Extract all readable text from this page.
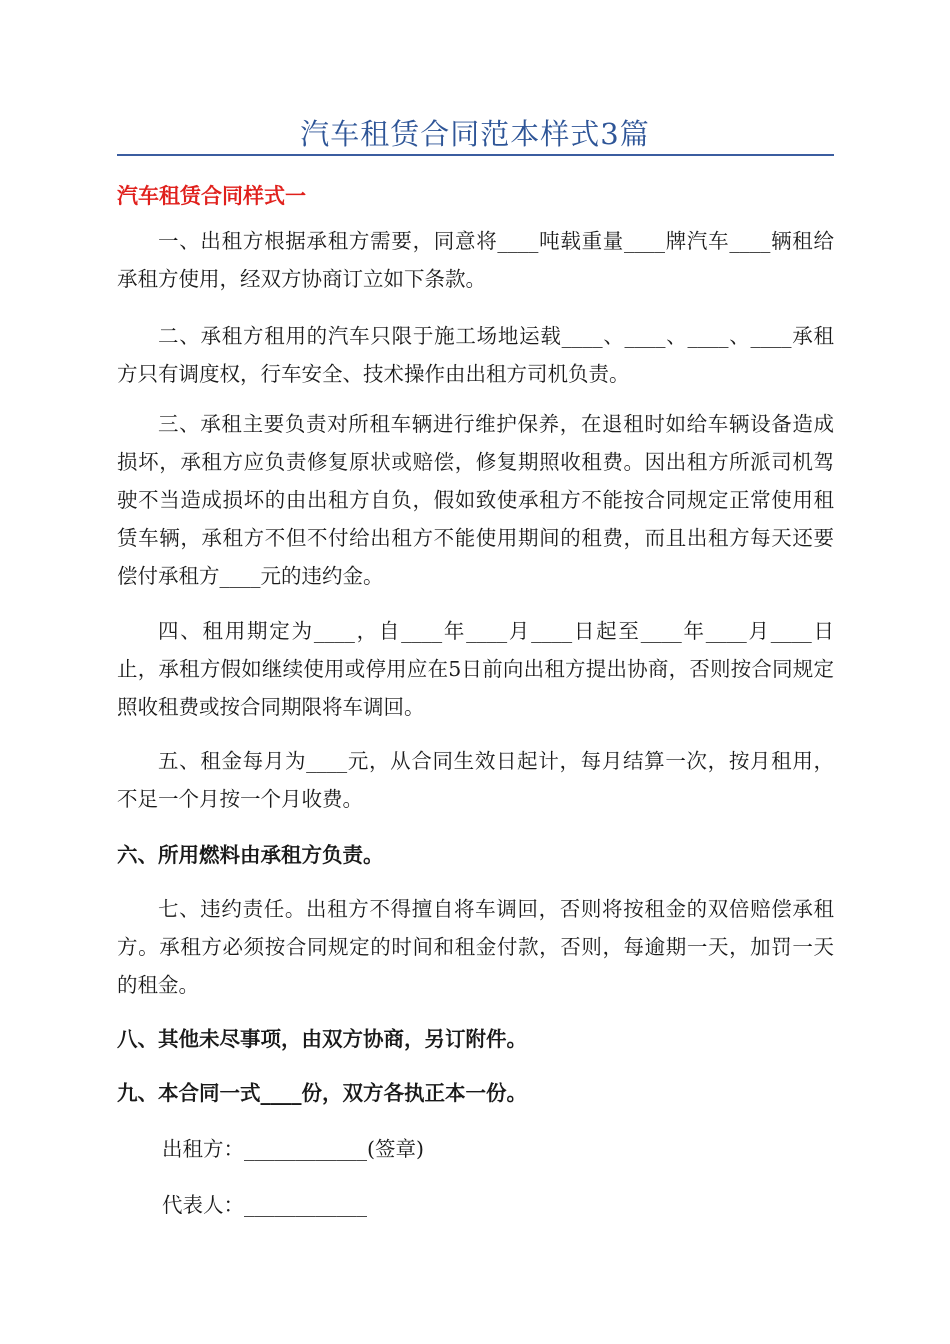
汽车租赁合同范本样式3篇
汽车租赁合同样式一

一、出租方根据承租方需要，同意将____吨载重量____牌汽车____辆租给承租方使用，经双方协商订立如下条款。

二、承租方租用的汽车只限于施工场地运载____、____、____、____承租方只有调度权，行车安全、技术操作由出租方司机负责。

三、承租主要负责对所租车辆进行维护保养，在退租时如给车辆设备造成损坏，承租方应负责修复原状或赔偿，修复期照收租费。因出租方所派司机驾驶不当造成损坏的由出租方自负，假如致使承租方不能按合同规定正常使用租赁车辆，承租方不但不付给出租方不能使用期间的租费，而且出租方每天还要偿付承租方____元的违约金。

四、租用期定为____，自____年____月____日起至____年____月____日止，承租方假如继续使用或停用应在5日前向出租方提出协商，否则按合同规定照收租费或按合同期限将车调回。

五、租金每月为____元，从合同生效日起计，每月结算一次，按月租用，不足一个月按一个月收费。

六、所用燃料由承租方负责。

七、违约责任。出租方不得擅自将车调回，否则将按租金的双倍赔偿承租方。承租方必须按合同规定的时间和租金付款，否则，每逾期一天，加罚一天的租金。

八、其他未尽事项，由双方协商，另订附件。

九、本合同一式____份，双方各执正本一份。

出租方：____________(签章)

代表人：____________
